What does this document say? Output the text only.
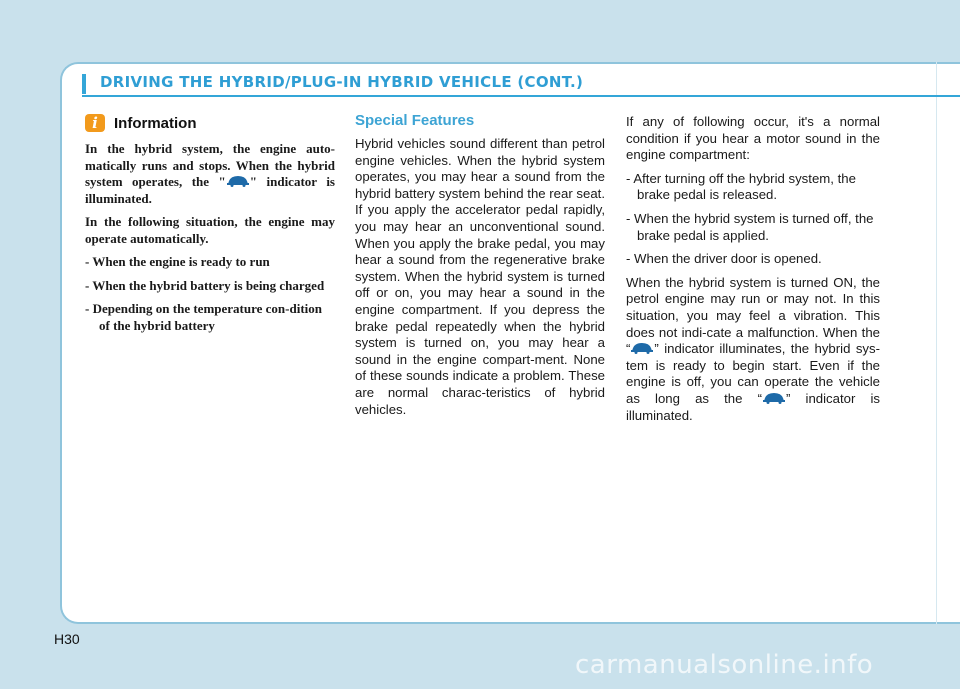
DRIVING THE HYBRID/PLUG-IN HYBRID VEHICLE (CONT.)
i	Information

In the hybrid system, the engine auto-matically runs and stops. When the hybrid system operates, the " " indicator is illuminated.

In the following situation, the engine may operate automatically.

- When the engine is ready to run
- When the hybrid battery is being charged
- Depending on the temperature con-dition of the hybrid battery
Special Features

Hybrid vehicles sound different than petrol engine vehicles. When the hybrid system operates, you may hear a sound from the hybrid battery system behind the rear seat. If you apply the accelerator pedal rapidly, you may hear an unconventional sound. When you apply the brake pedal, you may hear a sound from the regenerative brake system. When the hybrid system is turned off or on, you may hear a sound in the engine compartment. If you depress the brake pedal repeatedly when the hybrid system is turned on, you may hear a sound in the engine compart-ment. None of these sounds indicate a problem. These are normal charac-teristics of hybrid vehicles.

If any of following occur, it's a normal condition if you hear a motor sound in the engine compartment:

- After turning off the hybrid system, the brake pedal is released.
- When the hybrid system is turned off, the brake pedal is applied.
- When the driver door is opened.

When the hybrid system is turned ON, the petrol engine may run or may not. In this situation, you may feel a vibration. This does not indi-cate a malfunction. When the “ ” indicator illuminates, the hybrid sys-tem is ready to begin start. Even if the engine is off, you can operate the vehicle as long as the “ ” indicator is illuminated.

H30
carmanualsonline.info
